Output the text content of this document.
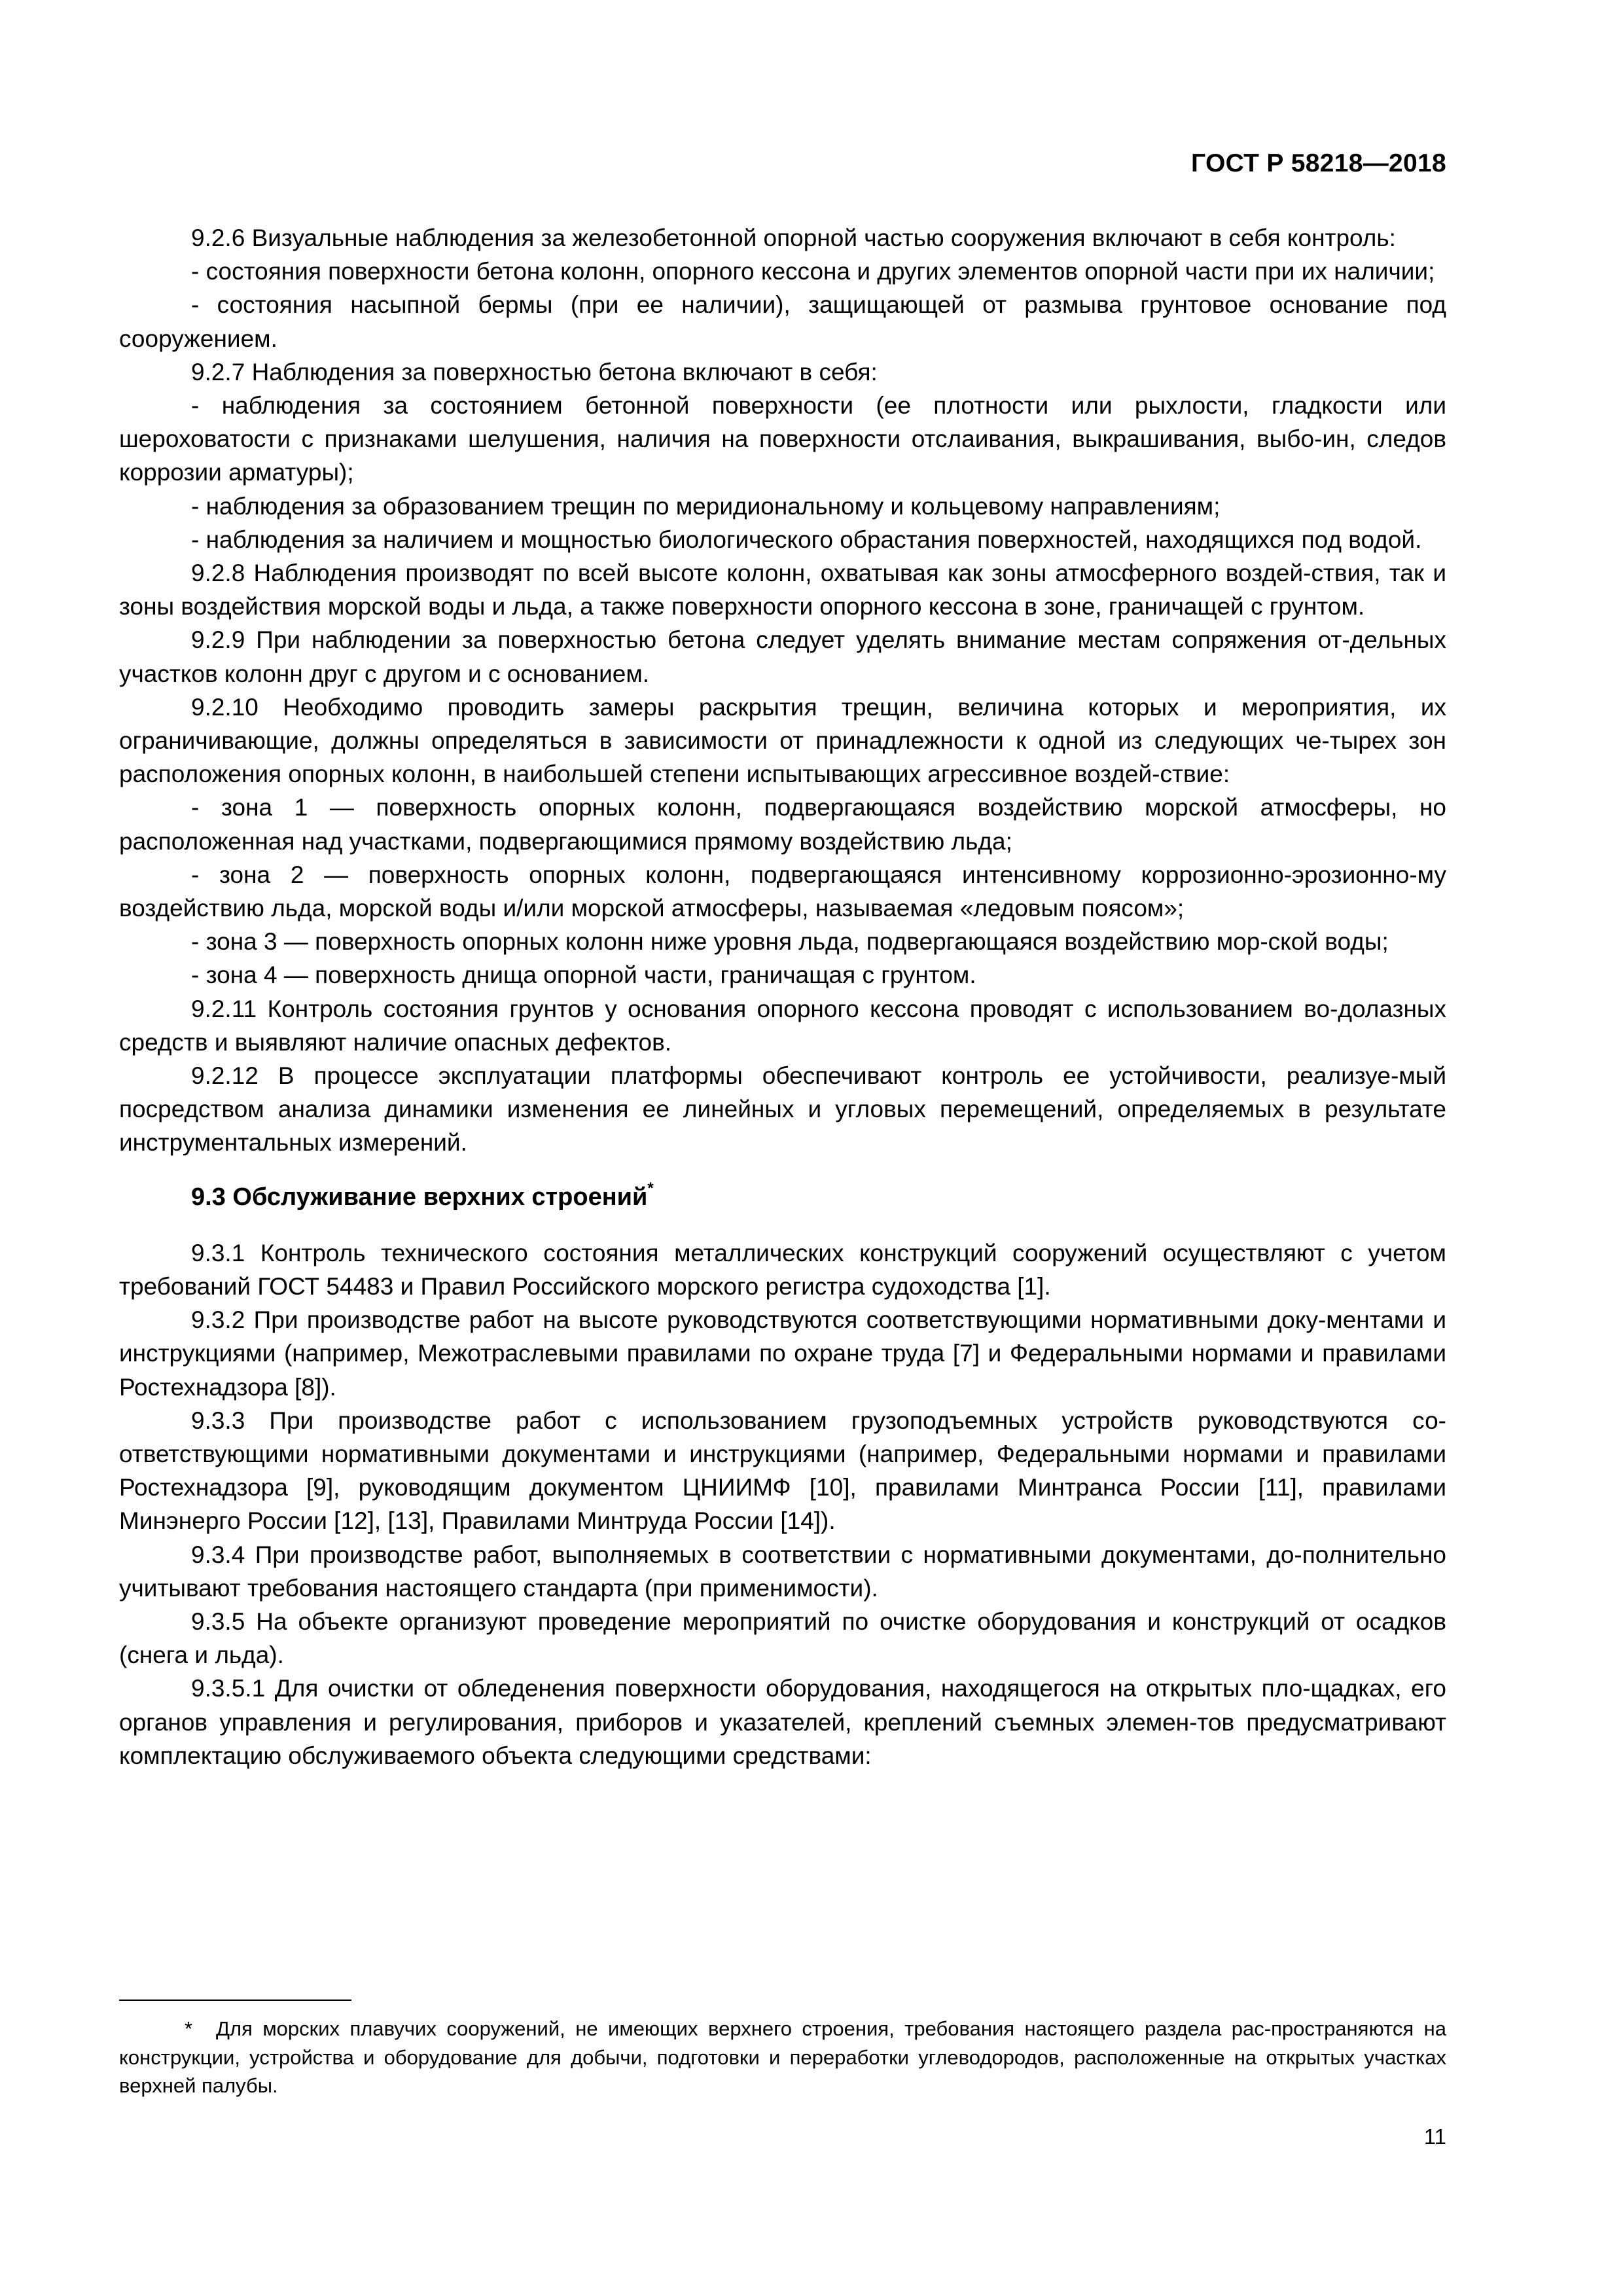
ГОСТ Р 58218—2018

9.2.6 Визуальные наблюдения за железобетонной опорной частью сооружения включают в себя контроль:

- состояния поверхности бетона колонн, опорного кессона и других элементов опорной части при их наличии;

- состояния насыпной бермы (при ее наличии), защищающей от размыва грунтовое основание под сооружением.

9.2.7 Наблюдения за поверхностью бетона включают в себя:

- наблюдения за состоянием бетонной поверхности (ее плотности или рыхлости, гладкости или шероховатости с признаками шелушения, наличия на поверхности отслаивания, выкрашивания, выбо-ин, следов коррозии арматуры);

- наблюдения за образованием трещин по меридиональному и кольцевому направлениям;

- наблюдения за наличием и мощностью биологического обрастания поверхностей, находящихся под водой.

9.2.8 Наблюдения производят по всей высоте колонн, охватывая как зоны атмосферного воздей-ствия, так и зоны воздействия морской воды и льда, а также поверхности опорного кессона в зоне, граничащей с грунтом.

9.2.9 При наблюдении за поверхностью бетона следует уделять внимание местам сопряжения от-дельных участков колонн друг с другом и с основанием.

9.2.10 Необходимо проводить замеры раскрытия трещин, величина которых и мероприятия, их ограничивающие, должны определяться в зависимости от принадлежности к одной из следующих че-тырех зон расположения опорных колонн, в наибольшей степени испытывающих агрессивное воздей-ствие:

- зона 1 — поверхность опорных колонн, подвергающаяся воздействию морской атмосферы, но расположенная над участками, подвергающимися прямому воздействию льда;

- зона 2 — поверхность опорных колонн, подвергающаяся интенсивному коррозионно-эрозионно-му воздействию льда, морской воды и/или морской атмосферы, называемая «ледовым поясом»;

- зона 3 — поверхность опорных колонн ниже уровня льда, подвергающаяся воздействию мор-ской воды;

- зона 4 — поверхность днища опорной части, граничащая с грунтом.

9.2.11 Контроль состояния грунтов у основания опорного кессона проводят с использованием во-долазных средств и выявляют наличие опасных дефектов.

9.2.12 В процессе эксплуатации платформы обеспечивают контроль ее устойчивости, реализуе-мый посредством анализа динамики изменения ее линейных и угловых перемещений, определяемых в результате инструментальных измерений.

9.3 Обслуживание верхних строений*

9.3.1 Контроль технического состояния металлических конструкций сооружений осуществляют с учетом требований ГОСТ 54483 и Правил Российского морского регистра судоходства [1].

9.3.2 При производстве работ на высоте руководствуются соответствующими нормативными доку-ментами и инструкциями (например, Межотраслевыми правилами по охране труда [7] и Федеральными нормами и правилами Ростехнадзора [8]).

9.3.3 При производстве работ с использованием грузоподъемных устройств руководствуются со-ответствующими нормативными документами и инструкциями (например, Федеральными нормами и правилами Ростехнадзора [9], руководящим документом ЦНИИМФ [10], правилами Минтранса России [11], правилами Минэнерго России [12], [13], Правилами Минтруда России [14]).

9.3.4 При производстве работ, выполняемых в соответствии с нормативными документами, до-полнительно учитывают требования настоящего стандарта (при применимости).

9.3.5 На объекте организуют проведение мероприятий по очистке оборудования и конструкций от осадков (снега и льда).

9.3.5.1 Для очистки от обледенения поверхности оборудования, находящегося на открытых пло-щадках, его органов управления и регулирования, приборов и указателей, креплений съемных элемен-тов предусматривают комплектацию обслуживаемого объекта следующими средствами:

* Для морских плавучих сооружений, не имеющих верхнего строения, требования настоящего раздела рас-пространяются на конструкции, устройства и оборудование для добычи, подготовки и переработки углеводородов, расположенные на открытых участках верхней палубы.
11
